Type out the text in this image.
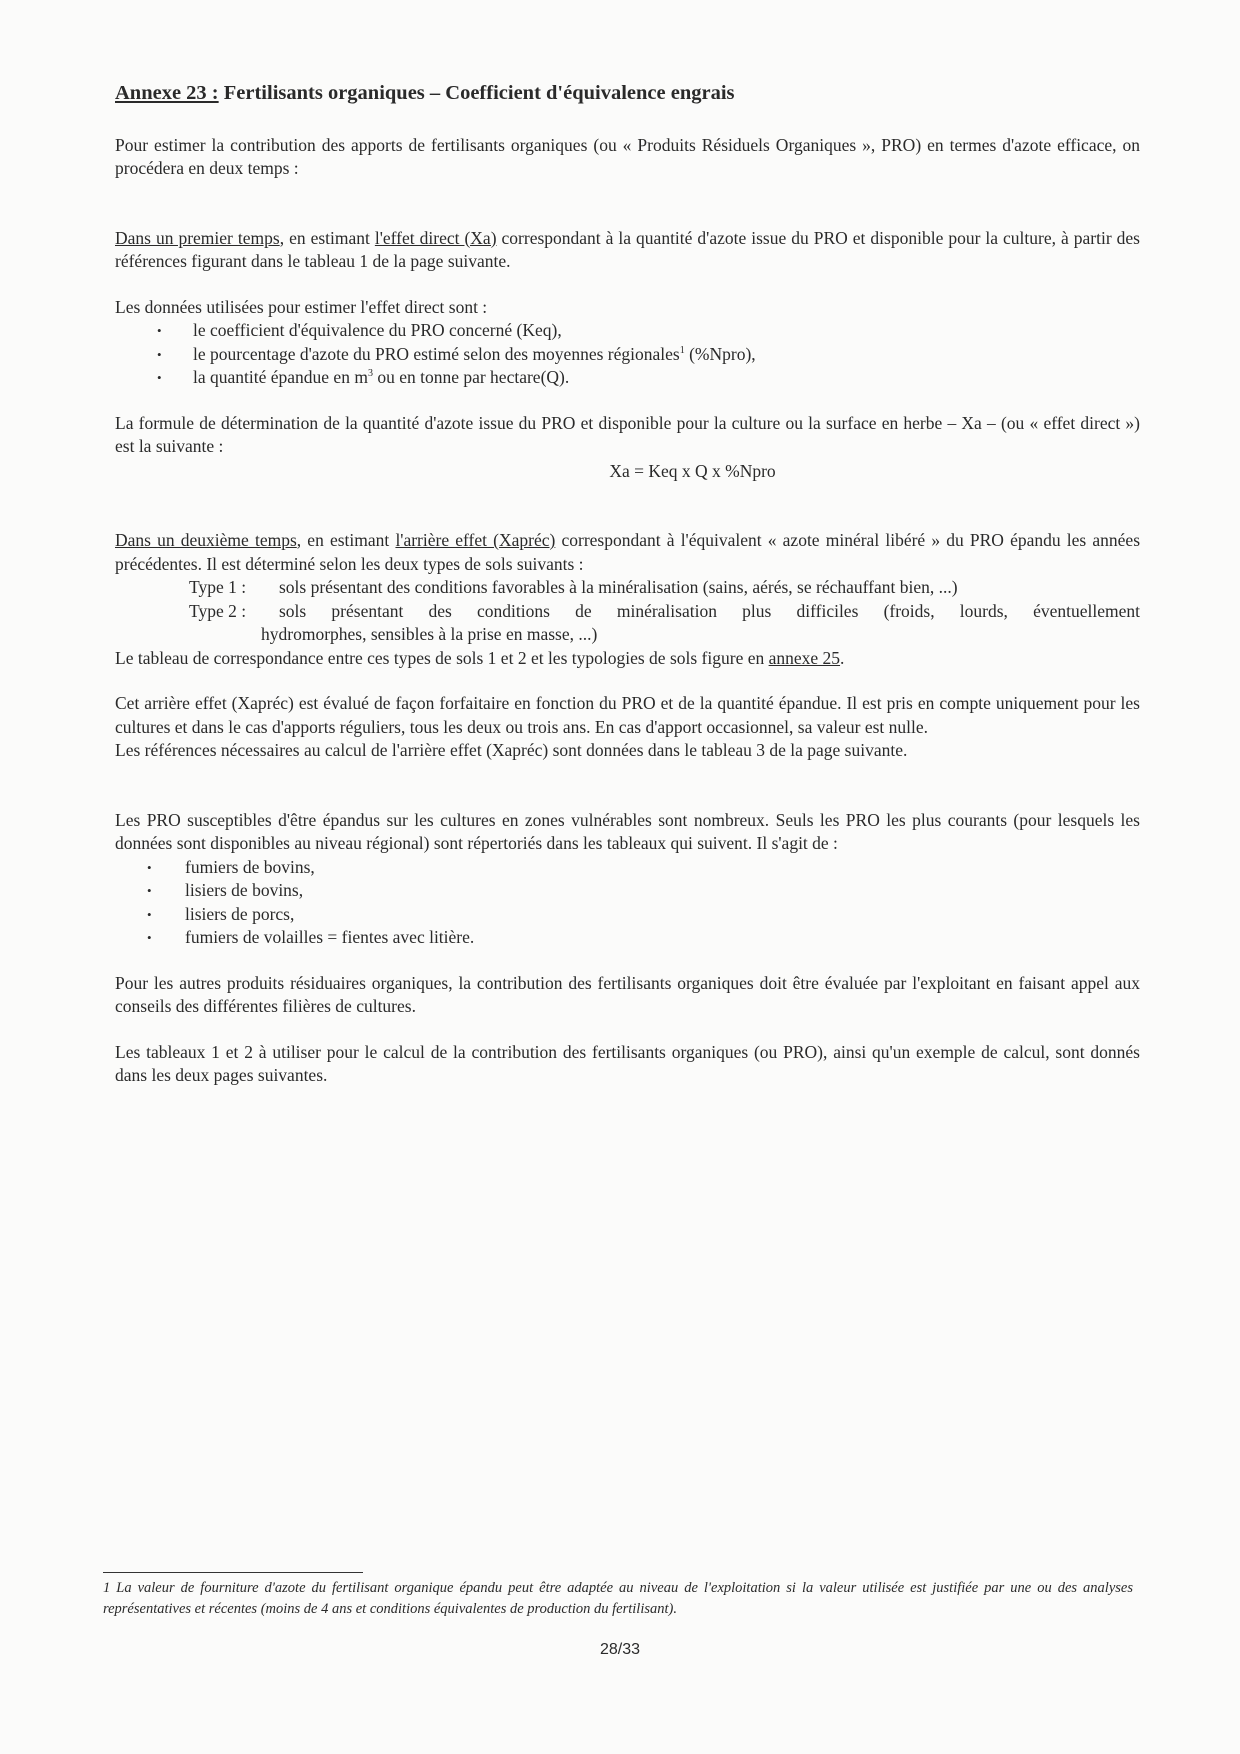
Annexe 23 : Fertilisants organiques – Coefficient d'équivalence engrais

Pour estimer la contribution des apports de fertilisants organiques (ou « Produits Résiduels Organiques », PRO) en termes d'azote efficace, on procédera en deux temps :

Dans un premier temps, en estimant l'effet direct (Xa) correspondant à la quantité d'azote issue du PRO et disponible pour la culture, à partir des références figurant dans le tableau 1 de la page suivante.

Les données utilisées pour estimer l'effet direct sont :

• le coefficient d'équivalence du PRO concerné (Keq),
• le pourcentage d'azote du PRO estimé selon des moyennes régionales$^1$ (%Npro),
• la quantité épandue en $m^3$ ou en tonne par hectare(Q).

La formule de détermination de la quantité d'azote issue du PRO et disponible pour la culture ou la surface en herbe – Xa – (ou « effet direct ») est la suivante :

Xa = Keq x Q x %Npro

Dans un deuxième temps, en estimant l'arrière effet (Xapréc) correspondant à l'équivalent « azote minéral libéré » du PRO épandu les années précédentes. Il est déterminé selon les deux types de sols suivants :

Type 1 :	sols présentant des conditions favorables à la minéralisation (sains, aérés, se réchauffant bien, ...)
Type 2 :	sols présentant des conditions de minéralisation plus difficiles (froids, lourds, éventuellement
hydromorphes, sensibles à la prise en masse, ...)

Le tableau de correspondance entre ces types de sols 1 et 2 et les typologies de sols figure en annexe 25.

Cet arrière effet (Xapréc) est évalué de façon forfaitaire en fonction du PRO et de la quantité épandue. Il est pris en compte uniquement pour les cultures et dans le cas d'apports réguliers, tous les deux ou trois ans. En cas d'apport occasionnel, sa valeur est nulle.

Les références nécessaires au calcul de l'arrière effet (Xapréc) sont données dans le tableau 3 de la page suivante.

Les PRO susceptibles d'être épandus sur les cultures en zones vulnérables sont nombreux. Seuls les PRO les plus courants (pour lesquels les données sont disponibles au niveau régional) sont répertoriés dans les tableaux qui suivent. Il s'agit de :

• fumiers de bovins,
• lisiers de bovins,
• lisiers de porcs,
• fumiers de volailles = fientes avec litière.

Pour les autres produits résiduaires organiques, la contribution des fertilisants organiques doit être évaluée par l'exploitant en faisant appel aux conseils des différentes filières de cultures.

Les tableaux 1 et 2 à utiliser pour le calcul de la contribution des fertilisants organiques (ou PRO), ainsi qu'un exemple de calcul, sont donnés dans les deux pages suivantes.

1 La valeur de fourniture d'azote du fertilisant organique épandu peut être adaptée au niveau de l'exploitation si la valeur utilisée est justifiée par une ou des analyses représentatives et récentes (moins de 4 ans et conditions équivalentes de production du fertilisant).
28/33
